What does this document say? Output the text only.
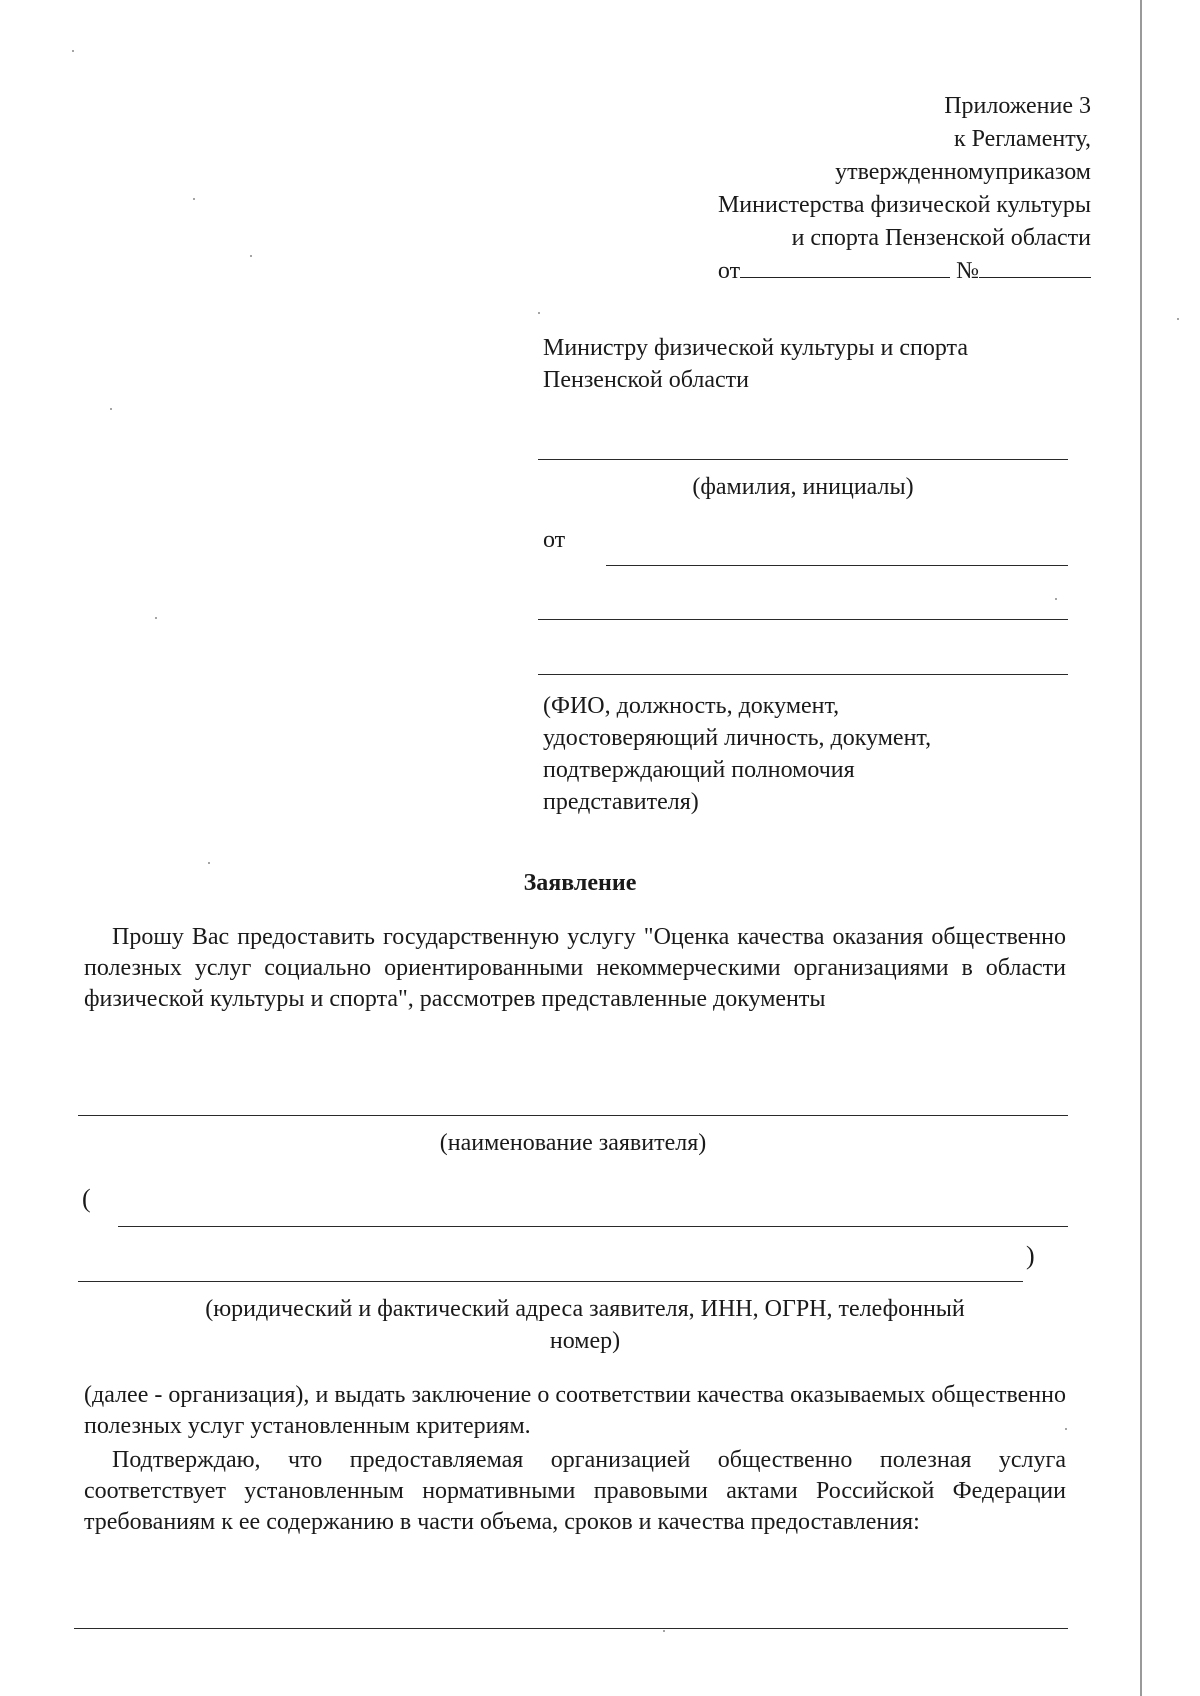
Приложение 3
к Регламенту,
утвержденномуприказом
Министерства физической культуры
и спорта Пензенской области
от	№
Министру физической культуры и спорта
Пензенской области
(фамилия, инициалы)
от
(ФИО, должность, документ,
удостоверяющий личность, документ,
подтверждающий полномочия
представителя)
Заявление
Прошу Вас предоставить государственную услугу "Оценка качества оказания общественно полезных услуг социально ориентированными некоммерческими организациями в области физической культуры и спорта", рассмотрев представленные документы
(наименование заявителя)
(
)
(юридический и фактический адреса заявителя, ИНН, ОГРН, телефонный
номер)
(далее - организация), и выдать заключение о соответствии качества оказываемых общественно полезных услуг установленным критериям.
Подтверждаю, что предоставляемая организацией общественно полезная услуга соответствует установленным нормативными правовыми актами Российской Федерации требованиям к ее содержанию в части объема, сроков и качества предоставления:
